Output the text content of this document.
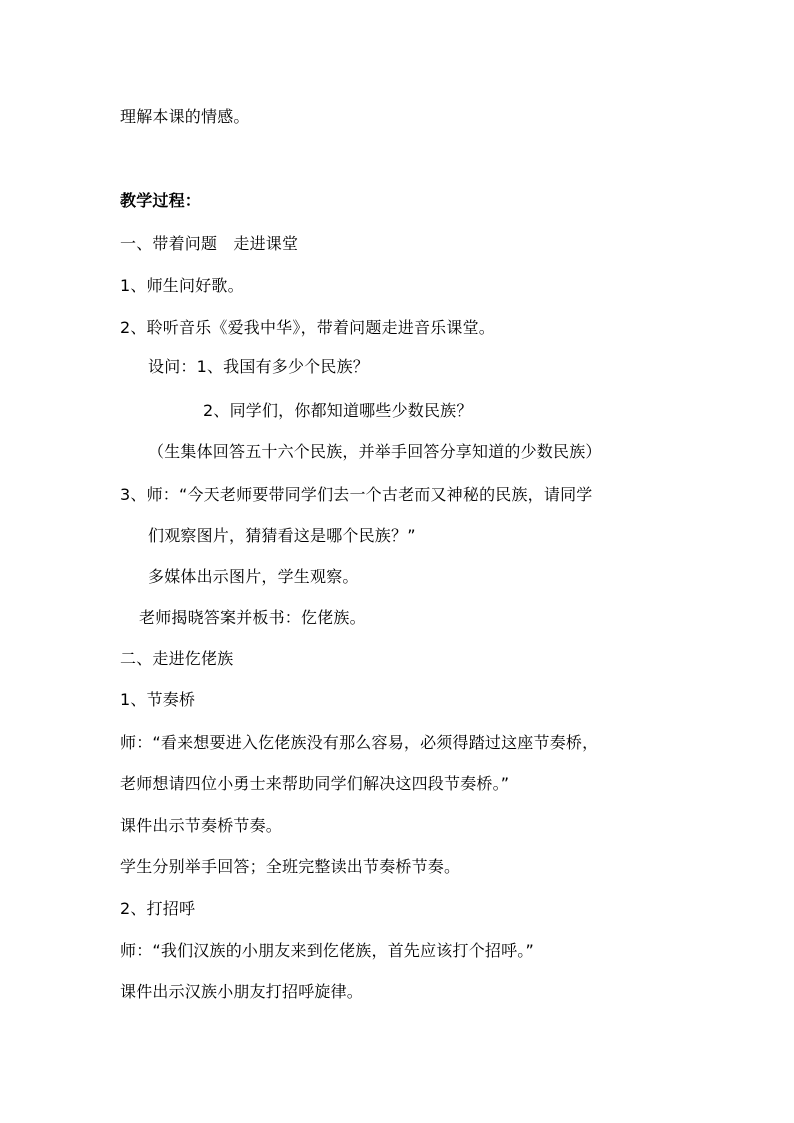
理解本课的情感。
教学过程：
一、带着问题　走进课堂
1、师生问好歌。
2、聆听音乐《爱我中华》，带着问题走进音乐课堂。
设问：1、我国有多少个民族？
2、同学们，你都知道哪些少数民族？
（生集体回答五十六个民族，并举手回答分享知道的少数民族）
3、师：“今天老师要带同学们去一个古老而又神秘的民族，请同学
们观察图片，猜猜看这是哪个民族？”
多媒体出示图片，学生观察。
老师揭晓答案并板书：仡佬族。
二、走进仡佬族
1、节奏桥
师：“看来想要进入仡佬族没有那么容易，必须得踏过这座节奏桥，
老师想请四位小勇士来帮助同学们解决这四段节奏桥。”
课件出示节奏桥节奏。
学生分别举手回答；全班完整读出节奏桥节奏。
2、打招呼
师：“我们汉族的小朋友来到仡佬族，首先应该打个招呼。”
课件出示汉族小朋友打招呼旋律。
